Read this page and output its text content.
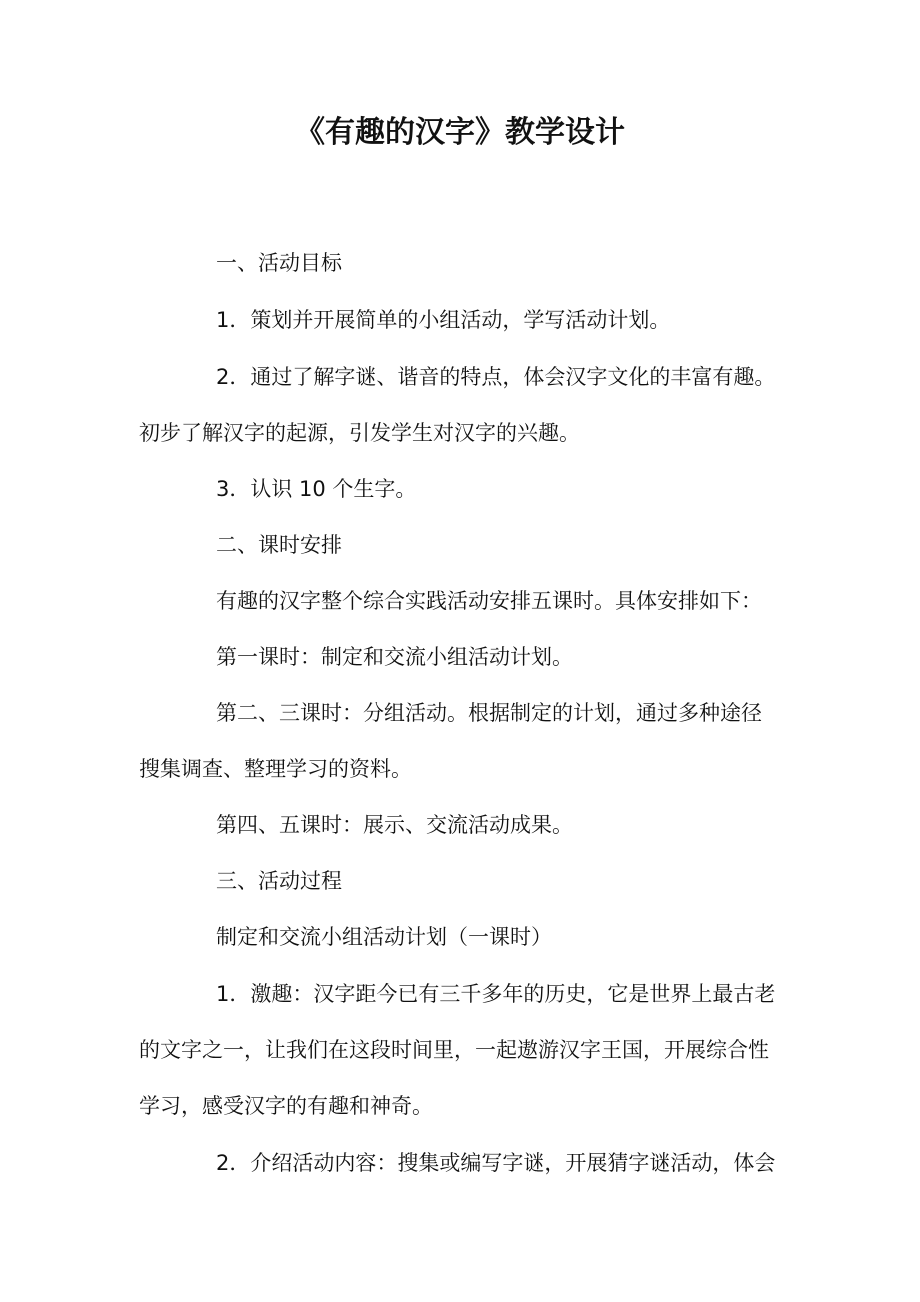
《有趣的汉字》教学设计
一、活动目标
1．策划并开展简单的小组活动，学写活动计划。
2．通过了解字谜、谐音的特点，体会汉字文化的丰富有趣。
初步了解汉字的起源，引发学生对汉字的兴趣。
3．认识 10 个生字。
二、课时安排
有趣的汉字整个综合实践活动安排五课时。具体安排如下：
第一课时：制定和交流小组活动计划。
第二、三课时：分组活动。根据制定的计划，通过多种途径
搜集调查、整理学习的资料。
第四、五课时：展示、交流活动成果。
三、活动过程
制定和交流小组活动计划（一课时）
1．激趣：汉字距今已有三千多年的历史，它是世界上最古老
的文字之一，让我们在这段时间里，一起遨游汉字王国，开展综合性
学习，感受汉字的有趣和神奇。
2．介绍活动内容：搜集或编写字谜，开展猜字谜活动，体会
